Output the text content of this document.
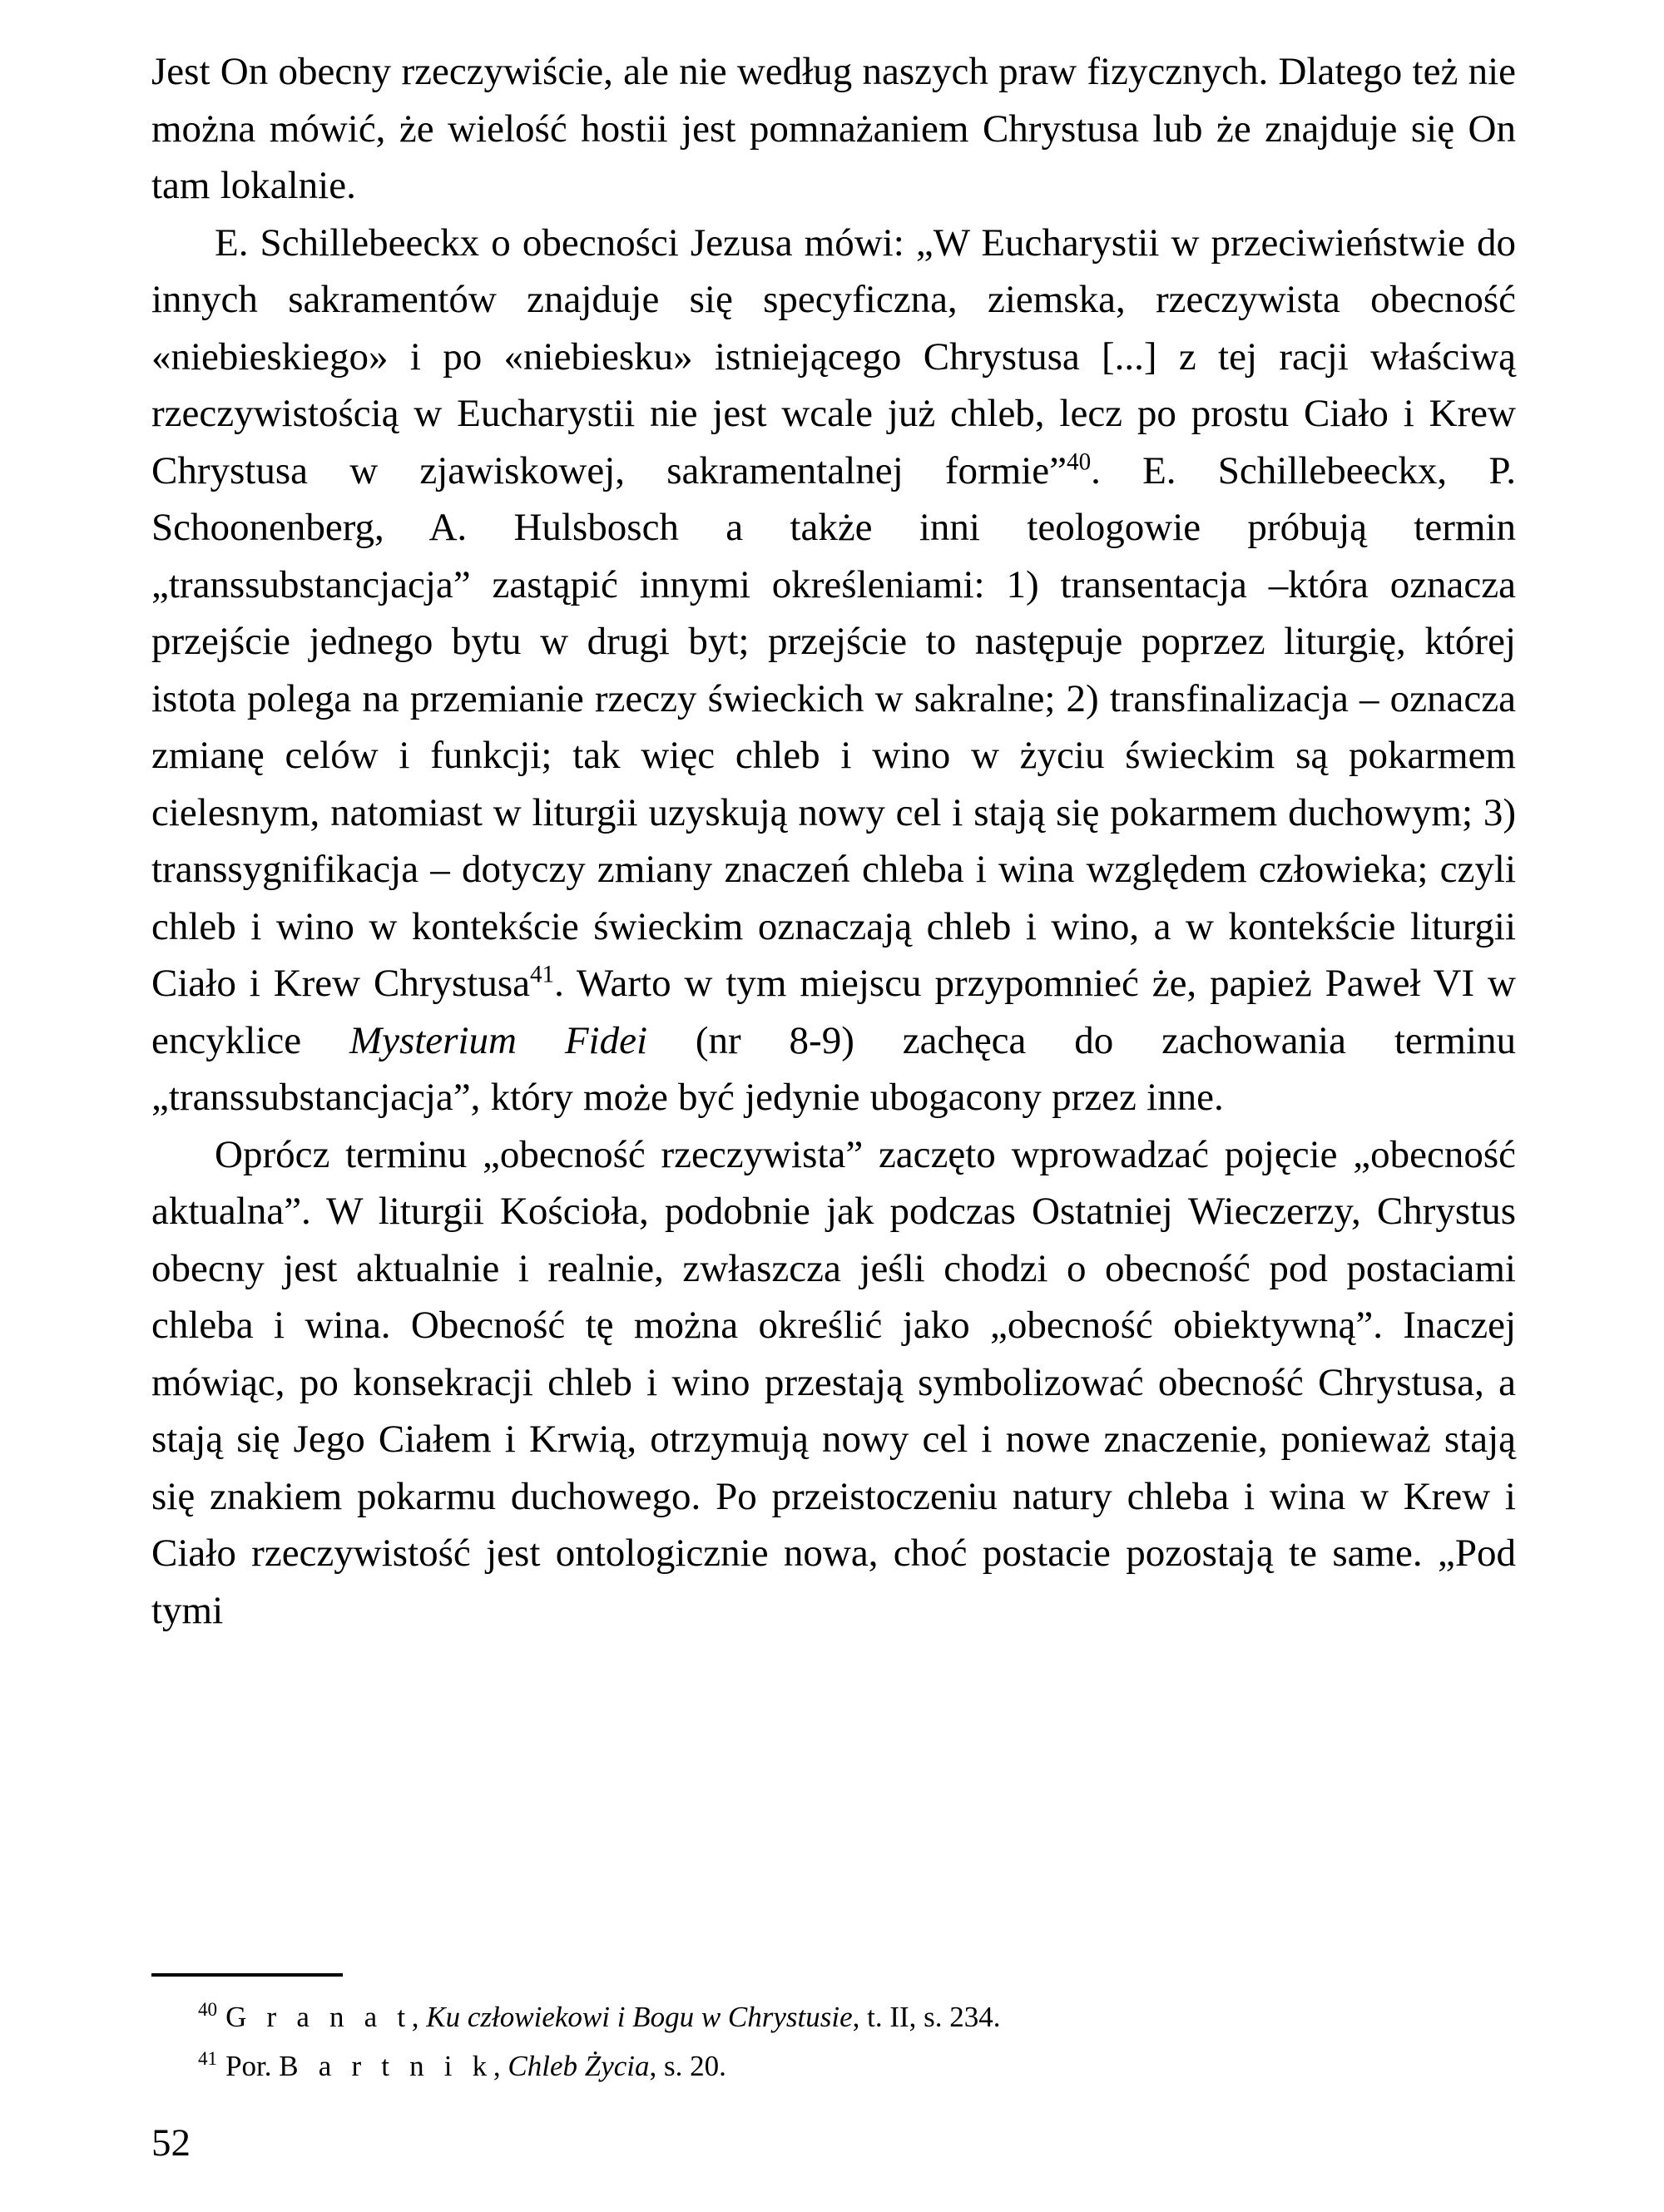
Jest On obecny rzeczywiście, ale nie według naszych praw fizycznych. Dlatego też nie można mówić, że wielość hostii jest pomnażaniem Chrystusa lub że znajduje się On tam lokalnie.

E. Schillebeeckx o obecności Jezusa mówi: „W Eucharystii w przeciwieństwie do innych sakramentów znajduje się specyficzna, ziemska, rzeczywista obecność «niebieskiego» i po «niebiesku» istniejącego Chrystusa [...] z tej racji właściwą rzeczywistością w Eucharystii nie jest wcale już chleb, lecz po prostu Ciało i Krew Chrystusa w zjawiskowej, sakramentalnej formie”$^{40}$. E. Schillebeeckx, P. Schoonenberg, A. Hulsbosch a także inni teologowie próbują termin „transsubstancjacja” zastąpić innymi określeniami: 1) transentacja –która oznacza przejście jednego bytu w drugi byt; przejście to następuje poprzez liturgię, której istota polega na przemianie rzeczy świeckich w sakralne; 2) transfinalizacja – oznacza zmianę celów i funkcji; tak więc chleb i wino w życiu świeckim są pokarmem cielesnym, natomiast w liturgii uzyskują nowy cel i stają się pokarmem duchowym; 3) transsygnifikacja – dotyczy zmiany znaczeń chleba i wina względem człowieka; czyli chleb i wino w kontekście świeckim oznaczają chleb i wino, a w kontekście liturgii Ciało i Krew Chrystusa$^{41}$. Warto w tym miejscu przypomnieć że, papież Paweł VI w encyklice Mysterium Fidei (nr 8-9) zachęca do zachowania terminu „transsubstancjacja”, który może być jedynie ubogacony przez inne.

Oprócz terminu „obecność rzeczywista” zaczęto wprowadzać pojęcie „obecność aktualna”. W liturgii Kościoła, podobnie jak podczas Ostatniej Wieczerzy, Chrystus obecny jest aktualnie i realnie, zwłaszcza jeśli chodzi o obecność pod postaciami chleba i wina. Obecność tę można określić jako „obecność obiektywną”. Inaczej mówiąc, po konsekracji chleb i wino przestają symbolizować obecność Chrystusa, a stają się Jego Ciałem i Krwią, otrzymują nowy cel i nowe znaczenie, ponieważ stają się znakiem pokarmu duchowego. Po przeistoczeniu natury chleba i wina w Krew i Ciało rzeczywistość jest ontologicznie nowa, choć postacie pozostają te same. „Pod tymi

$^{40}$ G r a n a t, Ku człowiekowi i Bogu w Chrystusie, t. II, s. 234.

$^{41}$ Por. B a r t n i k, Chleb Życia, s. 20.

52
